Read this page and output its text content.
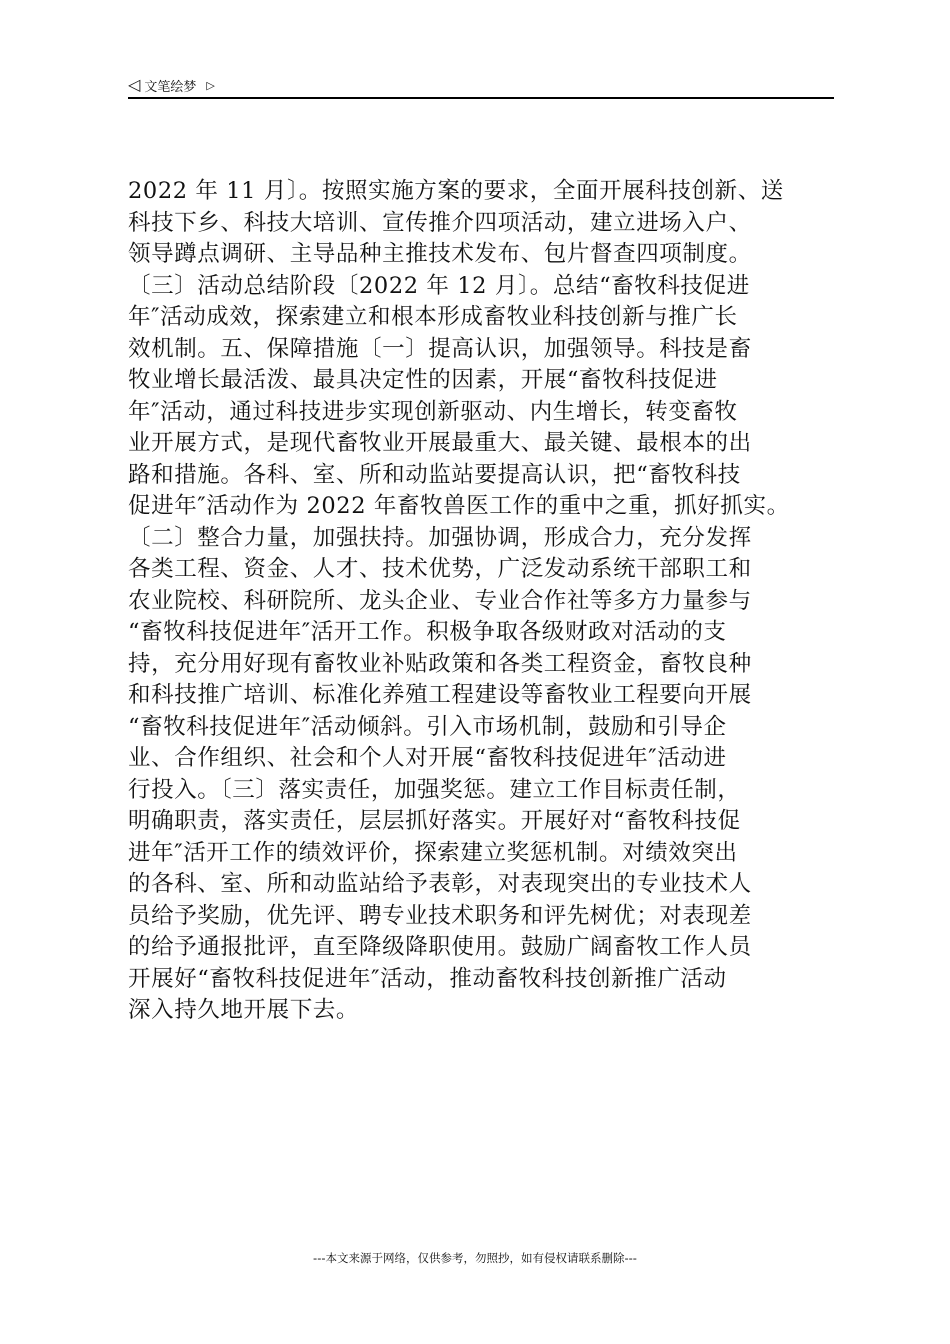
◁ 文笔绘梦 ▷
2022 年 11 月〕。按照实施方案的要求，全面开展科技创新、送
科技下乡、科技大培训、宣传推介四项活动，建立进场入户、
领导蹲点调研、主导品种主推技术发布、包片督查四项制度。
〔三〕活动总结阶段〔2022 年 12 月〕。总结“畜牧科技促进
年″活动成效，探索建立和根本形成畜牧业科技创新与推广长
效机制。五、保障措施〔一〕提高认识，加强领导。科技是畜
牧业增长最活泼、最具决定性的因素，开展“畜牧科技促进
年″活动，通过科技进步实现创新驱动、内生增长，转变畜牧
业开展方式，是现代畜牧业开展最重大、最关键、最根本的出
路和措施。各科、室、所和动监站要提高认识，把“畜牧科技
促进年″活动作为 2022 年畜牧兽医工作的重中之重，抓好抓实。
〔二〕整合力量，加强扶持。加强协调，形成合力，充分发挥
各类工程、资金、人才、技术优势，广泛发动系统干部职工和
农业院校、科研院所、龙头企业、专业合作社等多方力量参与
“畜牧科技促进年″活开工作。积极争取各级财政对活动的支
持，充分用好现有畜牧业补贴政策和各类工程资金，畜牧良种
和科技推广培训、标准化养殖工程建设等畜牧业工程要向开展
“畜牧科技促进年″活动倾斜。引入市场机制，鼓励和引导企
业、合作组织、社会和个人对开展“畜牧科技促进年″活动进
行投入。〔三〕落实责任，加强奖惩。建立工作目标责任制，
明确职责，落实责任，层层抓好落实。开展好对“畜牧科技促
进年″活开工作的绩效评价，探索建立奖惩机制。对绩效突出
的各科、室、所和动监站给予表彰，对表现突出的专业技术人
员给予奖励，优先评、聘专业技术职务和评先树优；对表现差
的给予通报批评，直至降级降职使用。鼓励广阔畜牧工作人员
开展好“畜牧科技促进年″活动，推动畜牧科技创新推广活动
深入持久地开展下去。
---本文来源于网络，仅供参考，勿照抄，如有侵权请联系删除---
